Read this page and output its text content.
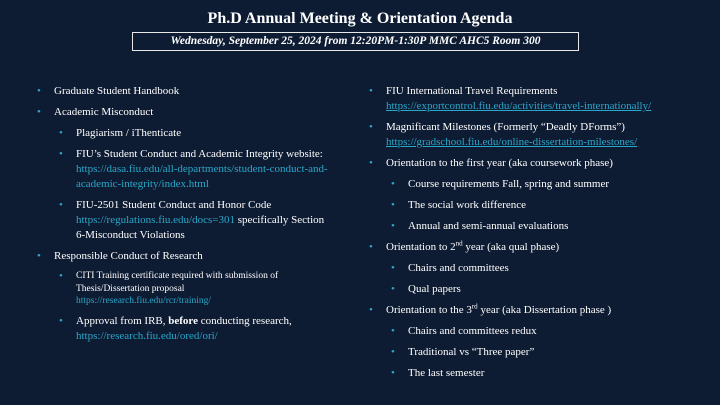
Ph.D Annual Meeting & Orientation Agenda
Wednesday, September 25, 2024 from 12:20PM-1:30P MMC AHC5 Room 300
• Graduate Student Handbook
• Academic Misconduct
• Plagiarism / iThenticate
• FIU’s Student Conduct and Academic Integrity website: https://dasa.fiu.edu/all-departments/student-conduct-and-academic-integrity/index.html
• FIU-2501 Student Conduct and Honor Code https://regulations.fiu.edu/docs=301 specifically Section 6-Misconduct Violations
• Responsible Conduct of Research
• CITI Training certificate required with submission of Thesis/Dissertation proposal
https://research.fiu.edu/rcr/training/
• Approval from IRB, before conducting research,
https://research.fiu.edu/ored/ori/
• FIU International Travel Requirements
https://exportcontrol.fiu.edu/activities/travel-internationally/
• Magnificant Milestones (Formerly “Deadly DForms”)
https://gradschool.fiu.edu/online-dissertation-milestones/
• Orientation to the first year (aka coursework phase)
• Course requirements Fall, spring and summer
• The social work difference
• Annual and semi-annual evaluations
• Orientation to 2nd year (aka qual phase)
• Chairs and committees
• Qual papers
• Orientation to the 3rd year (aka Dissertation phase )
• Chairs and committees redux
• Traditional vs “Three paper”
• The last semester
